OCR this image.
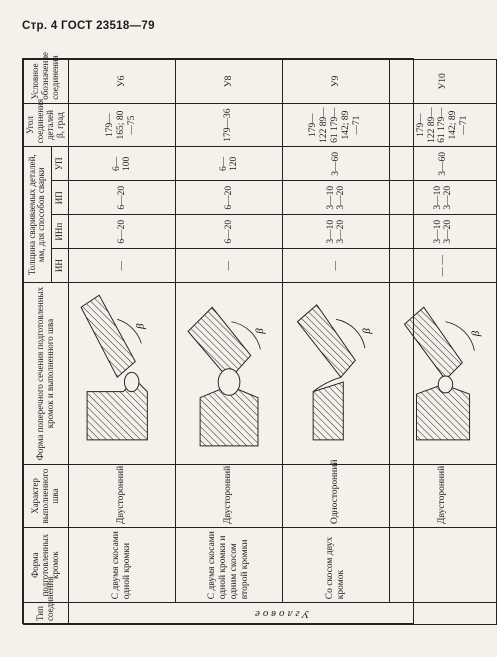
Стр. 4 ГОСТ 23518—79
Тип соединения	Форма подготовленных кромок	Характер выполненного шва	Форма поперечного сечения подготовленных кромок и выполненного шва	Толщина свариваемых деталей, мм, для способов сварки				Угол соединения деталей β, град	Условное обозначение соединения
				ИН	ИНп	ИП	УП		
Угловое	С двумя скосами одной кромки	Двусторонний	β	—	6—20	6—20	6—100	179—165; 80—75	У6

	С двумя скосами одной кромки и одним скосом второй кромки	Двусторонний	β	—	6—20	6—20	6—120	179—36	У8

	Со скосом двух кромок	Односторонний	β	—	3—10 3—20	3—10 3—20	3—60	179—122 89—61 179—142; 89—71	У9

		Двусторонний	β	— —	3—10 3—20	3—10 3—20	3—60	179—122 89—61 179—142; 89—71	У10
